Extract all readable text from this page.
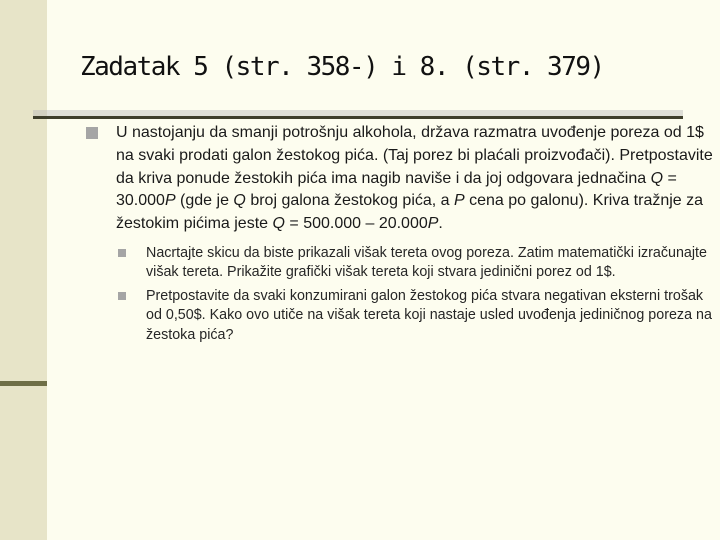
Zadatak 5 (str. 358-) i 8. (str. 379)
U nastojanju da smanji potrošnju alkohola, država razmatra uvođenje poreza od 1$ na svaki prodati galon žestokog pića. (Taj porez bi plaćali proizvođači). Pretpostavite da kriva ponude žestokih pića ima nagib naviše i da joj odgovara jednačina Q = 30.000P (gde je Q broj galona žestokog pića, a P cena po galonu). Kriva tražnje za žestokim pićima jeste Q = 500.000 – 20.000P.
Nacrtajte skicu da biste prikazali višak tereta ovog poreza. Zatim matematički izračunajte višak tereta. Prikažite grafički višak tereta koji stvara jedinični porez od 1$.
Pretpostavite da svaki konzumirani galon žestokog pića stvara negativan eksterni trošak od 0,50$. Kako ovo utiče na višak tereta koji nastaje usled uvođenja jediničnog poreza na žestoka pića?
